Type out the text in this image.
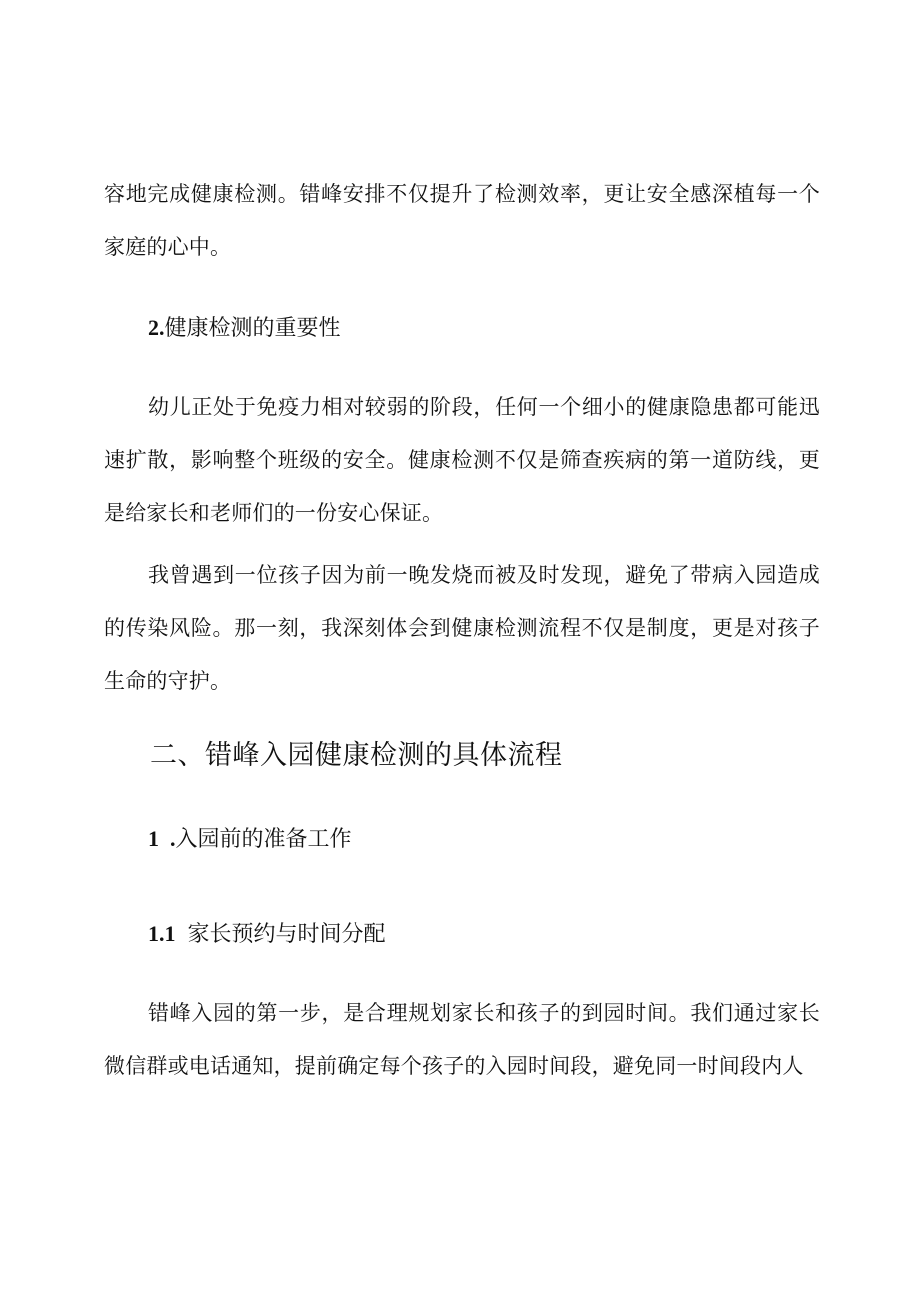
容地完成健康检测。错峰安排不仅提升了检测效率，更让安全感深植每一个家庭的心中。

2.健康检测的重要性

幼儿正处于免疫力相对较弱的阶段，任何一个细小的健康隐患都可能迅速扩散，影响整个班级的安全。健康检测不仅是筛查疾病的第一道防线，更是给家长和老师们的一份安心保证。

我曾遇到一位孩子因为前一晚发烧而被及时发现，避免了带病入园造成的传染风险。那一刻，我深刻体会到健康检测流程不仅是制度，更是对孩子生命的守护。

二、错峰入园健康检测的具体流程
1  .入园前的准备工作
1.1 家长预约与时间分配

错峰入园的第一步，是合理规划家长和孩子的到园时间。我们通过家长微信群或电话通知，提前确定每个孩子的入园时间段，避免同一时间段内人
